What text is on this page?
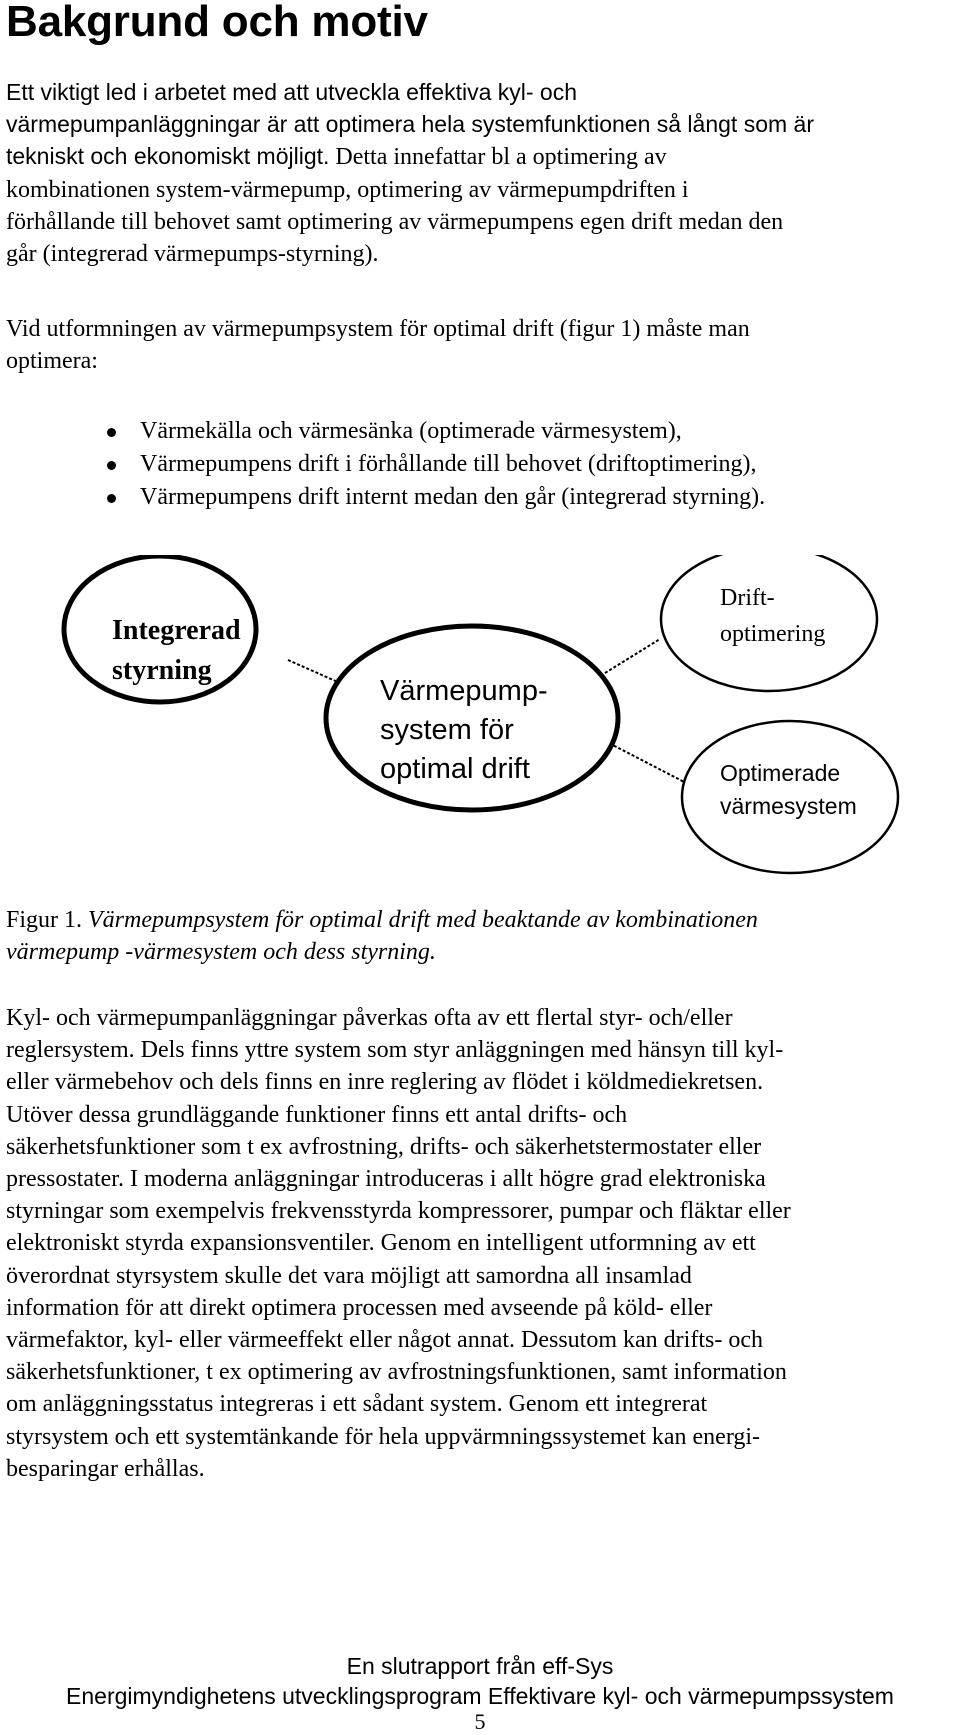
Bakgrund och motiv

Ett viktigt led i arbetet med att utveckla effektiva kyl- och
värmepumpanläggningar är att optimera hela systemfunktionen så långt som är
tekniskt och ekonomiskt möjligt. Detta innefattar bl a optimering av
kombinationen system-värmepump, optimering av värmepumpdriften i
förhållande till behovet samt optimering av värmepumpens egen drift medan den
går (integrerad värmepumps-styrning).

Vid utformningen av värmepumpsystem för optimal drift (figur 1) måste man
optimera:

Värmekälla och värmesänka (optimerade värmesystem),
Värmepumpens drift i förhållande till behovet (driftoptimering),
Värmepumpens drift internt medan den går (integrerad styrning).
Integrerad
styrning
Värmepump-
system för
optimal drift
Drift-
optimering
Optimerade
värmesystem

Figur 1. Värmepumpsystem för optimal drift med beaktande av kombinationen
värmepump -värmesystem och dess styrning.

Kyl- och värmepumpanläggningar påverkas ofta av ett flertal styr- och/eller
reglersystem. Dels finns yttre system som styr anläggningen med hänsyn till kyl-
eller värmebehov och dels finns en inre reglering av flödet i köldmediekretsen.
Utöver dessa grundläggande funktioner finns ett antal drifts- och
säkerhetsfunktioner som t ex avfrostning, drifts- och säkerhetstermostater eller
pressostater. I moderna anläggningar introduceras i allt högre grad elektroniska
styrningar som exempelvis frekvensstyrda kompressorer, pumpar och fläktar eller
elektroniskt styrda expansionsventiler. Genom en intelligent utformning av ett
överordnat styrsystem skulle det vara möjligt att samordna all insamlad
information för att direkt optimera processen med avseende på köld- eller
värmefaktor, kyl- eller värmeeffekt eller något annat. Dessutom kan drifts- och
säkerhetsfunktioner, t ex optimering av avfrostningsfunktionen, samt information
om anläggningsstatus integreras i ett sådant system. Genom ett integrerat
styrsystem och ett systemtänkande för hela uppvärmningssystemet kan energi-
besparingar erhållas.

En slutrapport från eff-Sys
Energimyndighetens utvecklingsprogram Effektivare kyl- och värmepumpssystem
5
